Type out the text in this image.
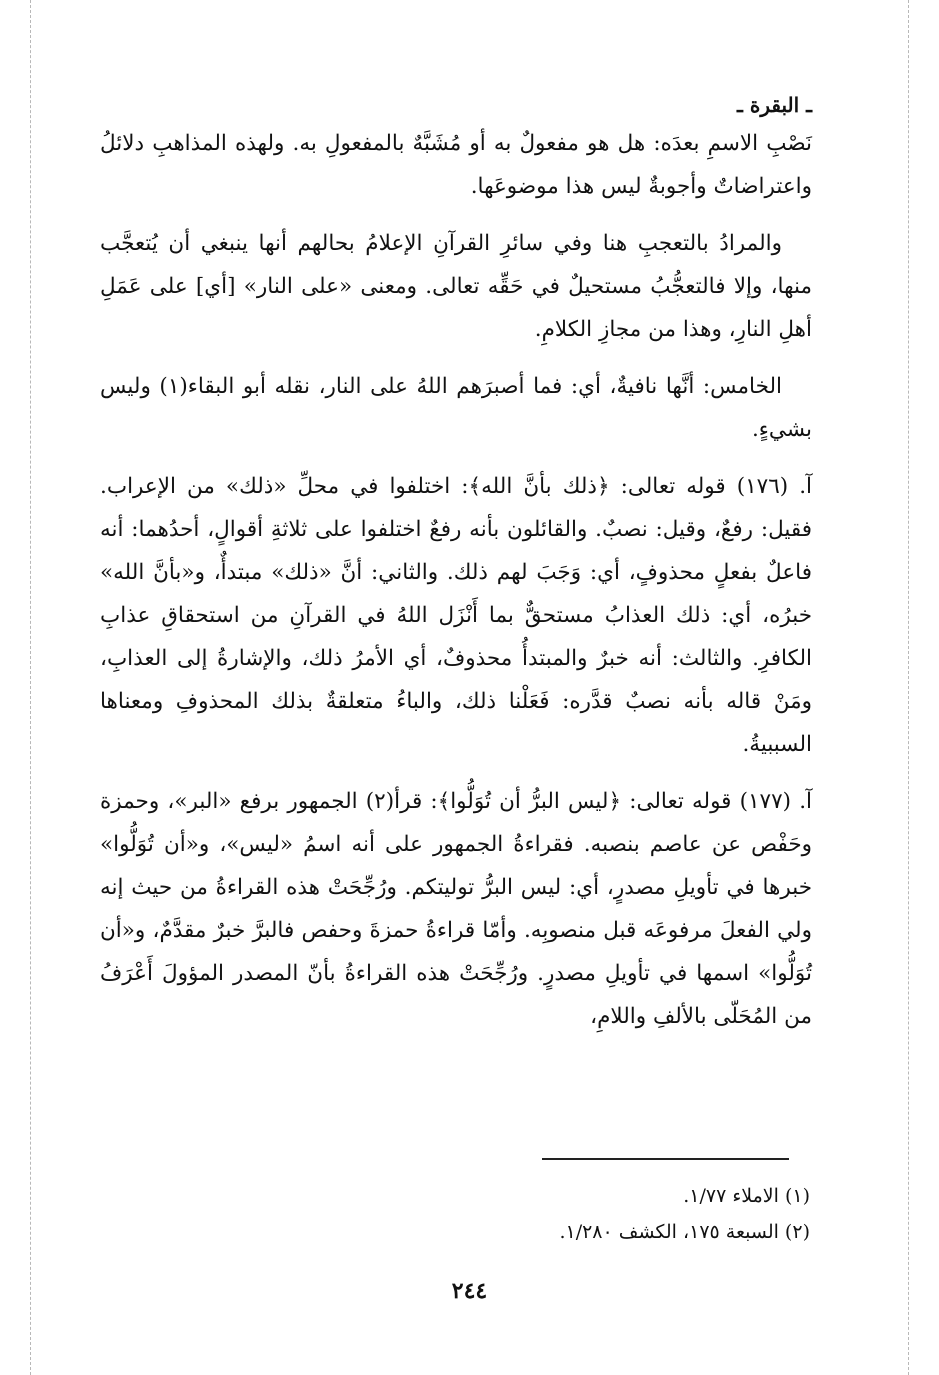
ـ البقرة ـ

نَصْبِ الاسمِ بعدَه: هل هو مفعولٌ به أو مُشَبَّهٌ بالمفعولِ به. ولهذه المذاهبِ دلائلُ واعتراضاتٌ وأجوبةٌ ليس هذا موضوعَها.

والمرادُ بالتعجبِ هنا وفي سائرِ القرآنِ الإعلامُ بحالهم أنها ينبغي أن يُتعجَّب منها، وإلا فالتعجُّبُ مستحيلٌ في حَقِّه تعالى. ومعنى «على النار» [أي] على عَمَلِ أهلِ النارِ، وهذا من مجازِ الكلامِ.

الخامس: أنَّها نافيةٌ، أي: فما أصبرَهم اللهُ على النار، نقله أبو البقاء(١) وليس بشيءٍ.

آ. (١٧٦) قوله تعالى: ﴿ذلك بأنَّ الله﴾: اختلفوا في محلِّ «ذلك» من الإعراب. فقيل: رفعٌ، وقيل: نصبٌ. والقائلون بأنه رفعٌ اختلفوا على ثلاثةِ أقوالٍ، أحدُهما: أنه فاعلٌ بفعلٍ محذوفٍ، أي: وَجَبَ لهم ذلك. والثاني: أنَّ «ذلك» مبتدأٌ، و«بأنَّ الله» خبرُه، أي: ذلك العذابُ مستحقٌّ بما أَنْزَل اللهُ في القرآنِ من استحقاقِ عذابِ الكافرِ. والثالث: أنه خبرٌ والمبتدأُ محذوفٌ، أي الأمرُ ذلك، والإشارةُ إلى العذابِ، ومَنْ قاله بأنه نصبٌ قدَّره: فَعَلْنا ذلك، والباءُ متعلقةٌ بذلك المحذوفِ ومعناها السببيةُ.

آ. (١٧٧) قوله تعالى: ﴿ليس البرُّ أن تُوَلُّوا﴾: قرأ(٢) الجمهور برفع «البر»، وحمزة وحَفْص عن عاصم بنصبه. فقراءةُ الجمهور على أنه اسمُ «ليس»، و«أن تُوَلُّوا» خبرها في تأويلِ مصدرٍ، أي: ليس البرُّ توليتكم. ورُجِّحَتْ هذه القراءةُ من حيث إنه ولي الفعلَ مرفوعَه قبل منصوبِه. وأمّا قراءةُ حمزةَ وحفص فالبرَّ خبرٌ مقدَّمٌ، و«أن تُوَلُّوا» اسمها في تأويلِ مصدرٍ. ورُجِّحَتْ هذه القراءةُ بأنّ المصدر المؤولَ أَعْرَفُ من المُحَلّى بالألفِ واللامِ،

(١) الاملاء ١/٧٧.
(٢) السبعة ١٧٥، الكشف ١/٢٨٠.
٢٤٤
